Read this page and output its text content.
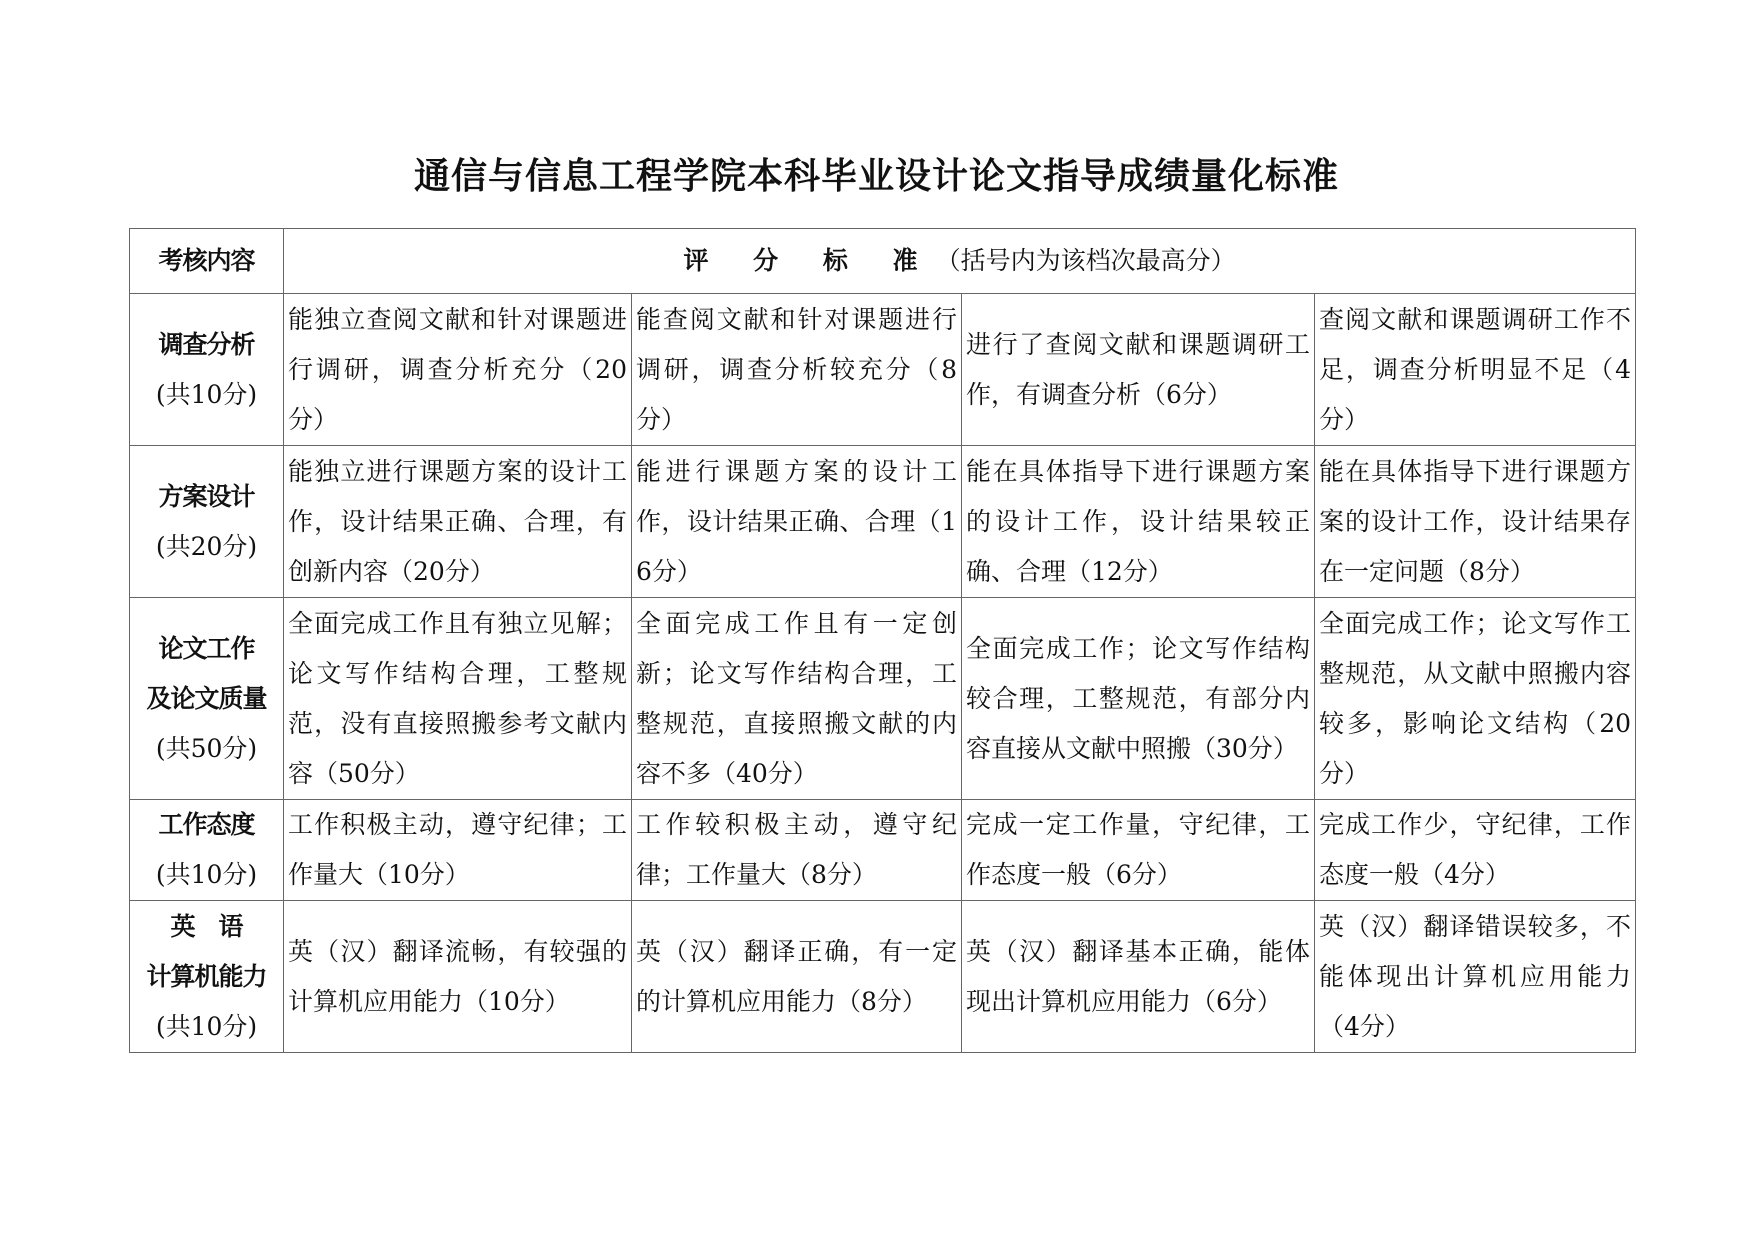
通信与信息工程学院本科毕业设计论文指导成绩量化标准
考核内容	评 分 标 准（括号内为该档次最高分）			

调查分析
(共10分)	能独立查阅文献和针对课题进行调研，调查分析充分（20分）	能查阅文献和针对课题进行调研，调查分析较充分（8分）	进行了查阅文献和课题调研工作，有调查分析（6分）	查阅文献和课题调研工作不足，调查分析明显不足（4分）

方案设计
(共20分)	能独立进行课题方案的设计工作，设计结果正确、合理，有创新内容（20分）	能进行课题方案的设计工作，设计结果正确、合理（16分）	能在具体指导下进行课题方案的设计工作，设计结果较正确、合理（12分）	能在具体指导下进行课题方案的设计工作，设计结果存在一定问题（8分）

论文工作
及论文质量
(共50分)	全面完成工作且有独立见解；论文写作结构合理，工整规范，没有直接照搬参考文献内容（50分）	全面完成工作且有一定创新；论文写作结构合理，工整规范，直接照搬文献的内容不多（40分）	全面完成工作；论文写作结构较合理，工整规范，有部分内容直接从文献中照搬（30分）	全面完成工作；论文写作工整规范，从文献中照搬内容较多，影响论文结构（20分）

工作态度
(共10分)	工作积极主动，遵守纪律；工作量大（10分）	工作较积极主动，遵守纪律；工作量大（8分）	完成一定工作量，守纪律，工作态度一般（6分）	完成工作少，守纪律，工作态度一般（4分）

英　语
计算机能力
(共10分)	英（汉）翻译流畅，有较强的计算机应用能力（10分）	英（汉）翻译正确，有一定的计算机应用能力（8分）	英（汉）翻译基本正确，能体现出计算机应用能力（6分）	英（汉）翻译错误较多，不能体现出计算机应用能力（4分）
